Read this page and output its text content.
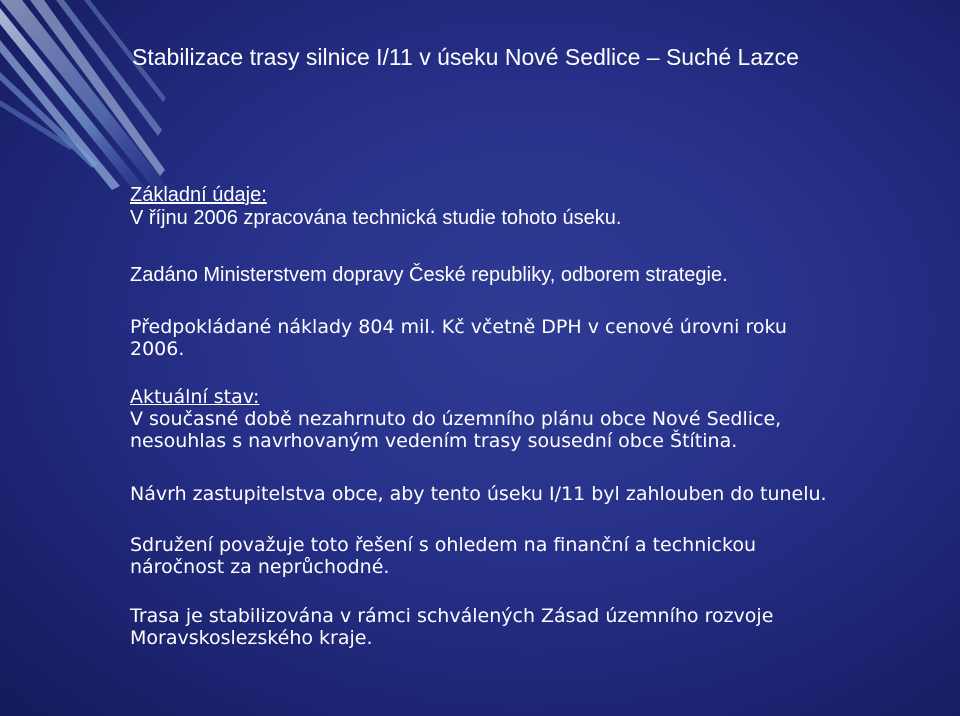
Stabilizace trasy silnice I/11 v úseku Nové Sedlice – Suché Lazce
Základní údaje:
V říjnu 2006 zpracována technická studie tohoto úseku.
Zadáno Ministerstvem dopravy České republiky, odborem strategie.
Předpokládané náklady 804 mil. Kč včetně DPH v cenové úrovni roku
2006.
Aktuální stav:
V současné době nezahrnuto do územního plánu obce Nové Sedlice,
nesouhlas s navrhovaným vedením trasy sousední obce Štítina.
Návrh zastupitelstva obce, aby tento úseku I/11 byl zahlouben do tunelu.
Sdružení považuje toto řešení s ohledem na finanční a technickou
náročnost za neprůchodné.
Trasa je stabilizována v rámci schválených Zásad územního rozvoje
Moravskoslezského kraje.
